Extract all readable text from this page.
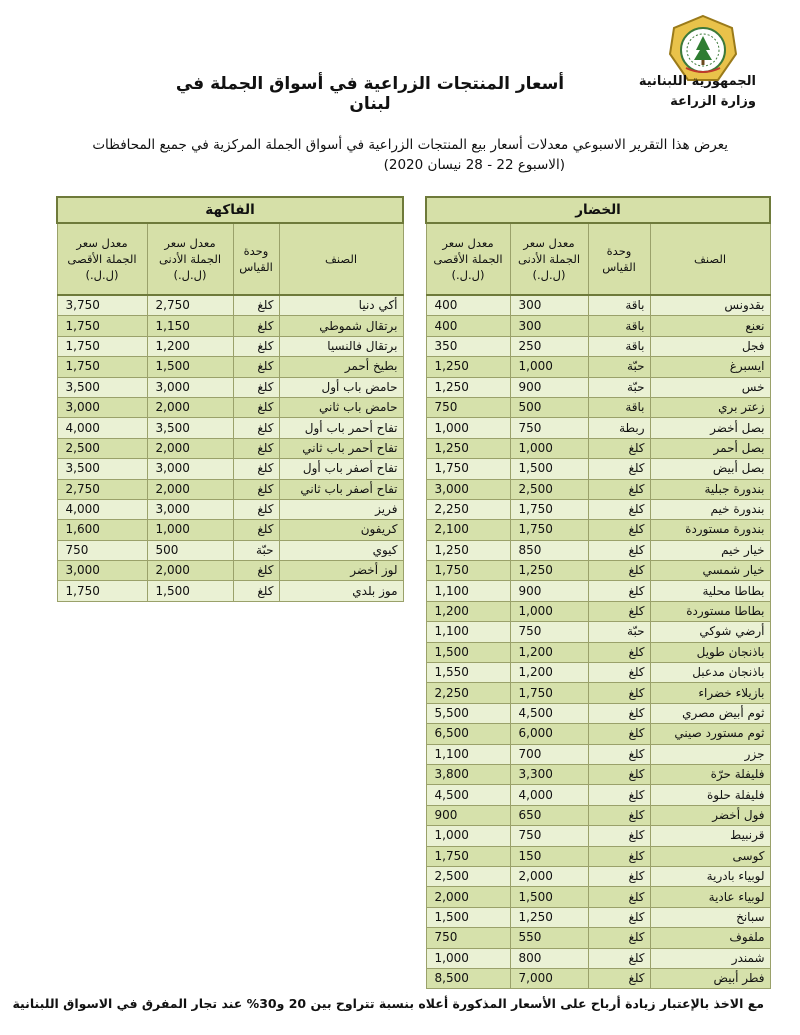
الجمهورية اللبنانية
وزارة الزراعة
أسعار المنتجات الزراعية في أسواق الجملة في لبنان
يعرض هذا التقرير الاسبوعي معدلات أسعار بيع المنتجات الزراعية في أسواق الجملة المركزية في جميع المحافظات
(الاسبوع 22 - 28 نيسان 2020)
الخضار			
الصنف	وحدة القياس	معدل سعر الجملة الأدنى (ل.ل.)	معدل سعر الجملة الأقصى (ل.ل.)
بقدونس	باقة	300	400
نعنع	باقة	300	400
فجل	باقة	250	350
ايسبرغ	حبّة	1,000	1,250
خس	حبّة	900	1,250
زعتر بري	باقة	500	750
بصل أخضر	ربطة	750	1,000
بصل أحمر	كلغ	1,000	1,250
بصل أبيض	كلغ	1,500	1,750
بندورة جبلية	كلغ	2,500	3,000
بندورة خيم	كلغ	1,750	2,250
بندورة مستوردة	كلغ	1,750	2,100
خيار خيم	كلغ	850	1,250
خيار شمسي	كلغ	1,250	1,750
بطاطا محلية	كلغ	900	1,100
بطاطا مستوردة	كلغ	1,000	1,200
أرضي شوكي	حبّة	750	1,100
باذنجان طويل	كلغ	1,200	1,500
باذنجان مدعبل	كلغ	1,200	1,550
بازيلاء خضراء	كلغ	1,750	2,250
ثوم أبيض مصري	كلغ	4,500	5,500
ثوم مستورد صيني	كلغ	6,000	6,500
جزر	كلغ	700	1,100
فليفلة حرّة	كلغ	3,300	3,800
فليفلة حلوة	كلغ	4,000	4,500
فول أخضر	كلغ	650	900
قرنبيط	كلغ	750	1,000
كوسى	كلغ	150	1,750
لوبياء بادرية	كلغ	2,000	2,500
لوبياء عادية	كلغ	1,500	2,000
سبانخ	كلغ	1,250	1,500
ملفوف	كلغ	550	750
شمندر	كلغ	800	1,000
فطر أبيض	كلغ	7,000	8,500
الفاكهة			
الصنف	وحدة القياس	معدل سعر الجملة الأدنى (ل.ل.)	معدل سعر الجملة الأقصى (ل.ل.)
أكي دنيا	كلغ	2,750	3,750
برتقال شموطي	كلغ	1,150	1,750
برتقال فالنسيا	كلغ	1,200	1,750
بطيخ أحمر	كلغ	1,500	1,750
حامض باب أول	كلغ	3,000	3,500
حامض باب ثاني	كلغ	2,000	3,000
تفاح أحمر باب أول	كلغ	3,500	4,000
تفاح أحمر باب ثاني	كلغ	2,000	2,500
تفاح أصفر باب أول	كلغ	3,000	3,500
تفاح أصفر باب ثاني	كلغ	2,000	2,750
فريز	كلغ	3,000	4,000
كريفون	كلغ	1,000	1,600
كيوي	حبّة	500	750
لوز أخضر	كلغ	2,000	3,000
موز بلدي	كلغ	1,500	1,750
مع الاخذ بالإعتبار زيادة أرباح على الأسعار المذكورة أعلاه بنسبة تتراوح بين 20 و30% عند تجار المفرق في الاسواق اللبنانية
